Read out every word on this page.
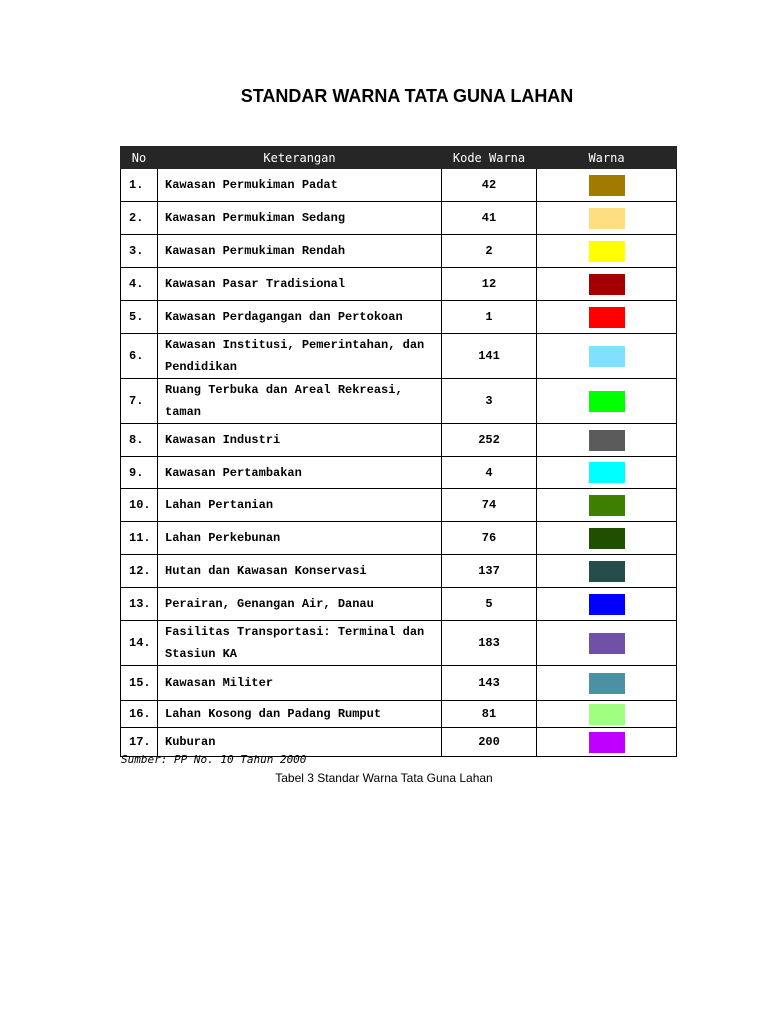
STANDAR WARNA TATA GUNA LAHAN
No	Keterangan	Kode Warna	Warna
1.	Kawasan Permukiman Padat	42	
2.	Kawasan Permukiman Sedang	41	
3.	Kawasan Permukiman Rendah	2	
4.	Kawasan Pasar Tradisional	12	
5.	Kawasan Perdagangan dan Pertokoan	1	
6.	Kawasan Institusi, Pemerintahan, dan Pendidikan	141	
7.	Ruang Terbuka dan Areal Rekreasi, taman	3	
8.	Kawasan Industri	252	
9.	Kawasan Pertambakan	4	
10.	Lahan Pertanian	74	
11.	Lahan Perkebunan	76	
12.	Hutan dan Kawasan Konservasi	137	
13.	Perairan, Genangan Air, Danau	5	
14.	Fasilitas Transportasi: Terminal dan Stasiun KA	183	
15.	Kawasan Militer	143	
16.	Lahan Kosong dan Padang Rumput	81	
17.	Kuburan	200	
Sumber: PP No. 10 Tahun 2000
Tabel 3 Standar Warna Tata Guna Lahan
